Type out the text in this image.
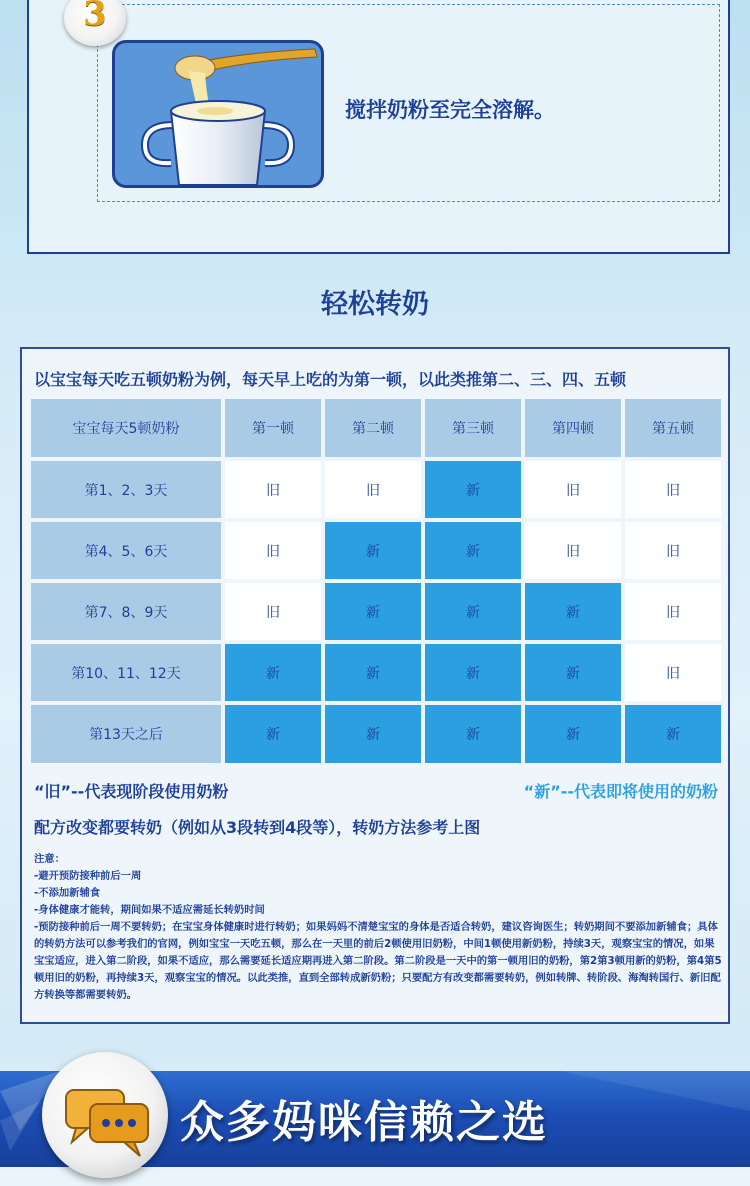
3
搅拌奶粉至完全溶解。
轻松转奶
以宝宝每天吃五顿奶粉为例，每天早上吃的为第一顿，以此类推第二、三、四、五顿
宝宝每天5顿奶粉	第一顿	第二顿	第三顿	第四顿	第五顿
第1、2、3天	旧	旧	新	旧	旧
第4、5、6天	旧	新	新	旧	旧
第7、8、9天	旧	新	新	新	旧
第10、11、12天	新	新	新	新	旧
第13天之后	新	新	新	新	新
“旧”--代表现阶段使用奶粉	“新”--代表即将使用的奶粉
配方改变都要转奶（例如从3段转到4段等），转奶方法参考上图
注意：
-避开预防接种前后一周
-不添加新辅食
-身体健康才能转，期间如果不适应需延长转奶时间
-预防接种前后一周不要转奶；在宝宝身体健康时进行转奶；如果妈妈不清楚宝宝的身体是否适合转奶，建议咨询医生；转奶期间不要添加新辅食；具体的转奶方法可以参考我们的官网，例如宝宝一天吃五顿，那么在一天里的前后2顿使用旧奶粉，中间1顿使用新奶粉，持续3天，观察宝宝的情况，如果宝宝适应，进入第二阶段，如果不适应，那么需要延长适应期再进入第二阶段。第二阶段是一天中的第一顿用旧的奶粉，第2第3顿用新的奶粉，第4第5顿用旧的奶粉，再持续3天，观察宝宝的情况。以此类推，直到全部转成新奶粉；只要配方有改变都需要转奶，例如转牌、转阶段、海淘转国行、新旧配方转换等都需要转奶。
众多妈咪信赖之选
